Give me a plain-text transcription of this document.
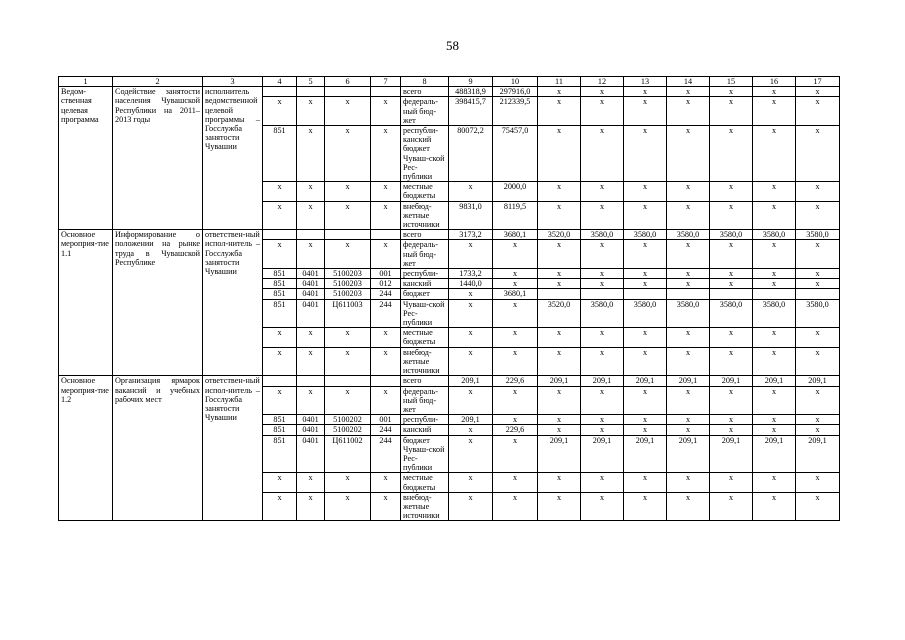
58
1	2	3	4	5	6	7	8	9	10	11	12	13	14	15	16	17
Ведом-ственная целевая программа	Содействие занятости населения Чувашской Республики на 2011–2013 годы	исполнитель ведомственной целевой программы – Госслужба занятости Чувашии					всего	488318,9	297916,0	х	х	х	х	х	х	х
			х	х	х	х	федераль-ный бюд-жет	398415,7	212339,5	х	х	х	х	х	х	х
			851	х	х	х	республи-канский бюджет Чуваш-ской Рес-публики	80072,2	75457,0	х	х	х	х	х	х	х
			х	х	х	х	местные бюджеты	х	2000,0	х	х	х	х	х	х	х
			х	х	х	х	внебюд-жетные источники	9831,0	8119,5	х	х	х	х	х	х	х
Основное мероприя-тие 1.1	Информирование о положении на рынке труда в Чувашской Республике	ответствен-ный испол-нитель – Госслужба занятости Чувашии					всего	3173,2	3680,1	3520,0	3580,0	3580,0	3580,0	3580,0	3580,0	3580,0
			х	х	х	х	федераль-ный бюд-жет	х	х	х	х	х	х	х	х	х
			851	0401	5100203	001	республи-	1733,2	х	х	х	х	х	х	х	х
			851	0401	5100203	012	канский	1440,0	х	х	х	х	х	х	х	х
			851	0401	5100203	244	бюджет	х	3680,1							
			851	0401	Ц611003	244	Чуваш-ской Рес-публики	х	х	3520,0	3580,0	3580,0	3580,0	3580,0	3580,0	3580,0
			х	х	х	х	местные бюджеты	х	х	х	х	х	х	х	х	х
			х	х	х	х	внебюд-жетные источники	х	х	х	х	х	х	х	х	х
Основное мероприя-тие 1.2	Организация ярмарок вакансий и учебных рабочих мест	ответствен-ный испол-нитель – Госслужба занятости Чувашии					всего	209,1	229,6	209,1	209,1	209,1	209,1	209,1	209,1	209,1
			х	х	х	х	федераль-ный бюд-жет	х	х	х	х	х	х	х	х	х
			851	0401	5100202	001	республи-	209,1	х	х	х	х	х	х	х	х
			851	0401	5100202	244	канский	х	229,6	х	х	х	х	х	х	х
			851	0401	Ц611002	244	бюджет Чуваш-ской Рес-публики	х	х	209,1	209,1	209,1	209,1	209,1	209,1	209,1
			х	х	х	х	местные бюджеты	х	х	х	х	х	х	х	х	х
			х	х	х	х	внебюд-жетные источники	х	х	х	х	х	х	х	х	х
